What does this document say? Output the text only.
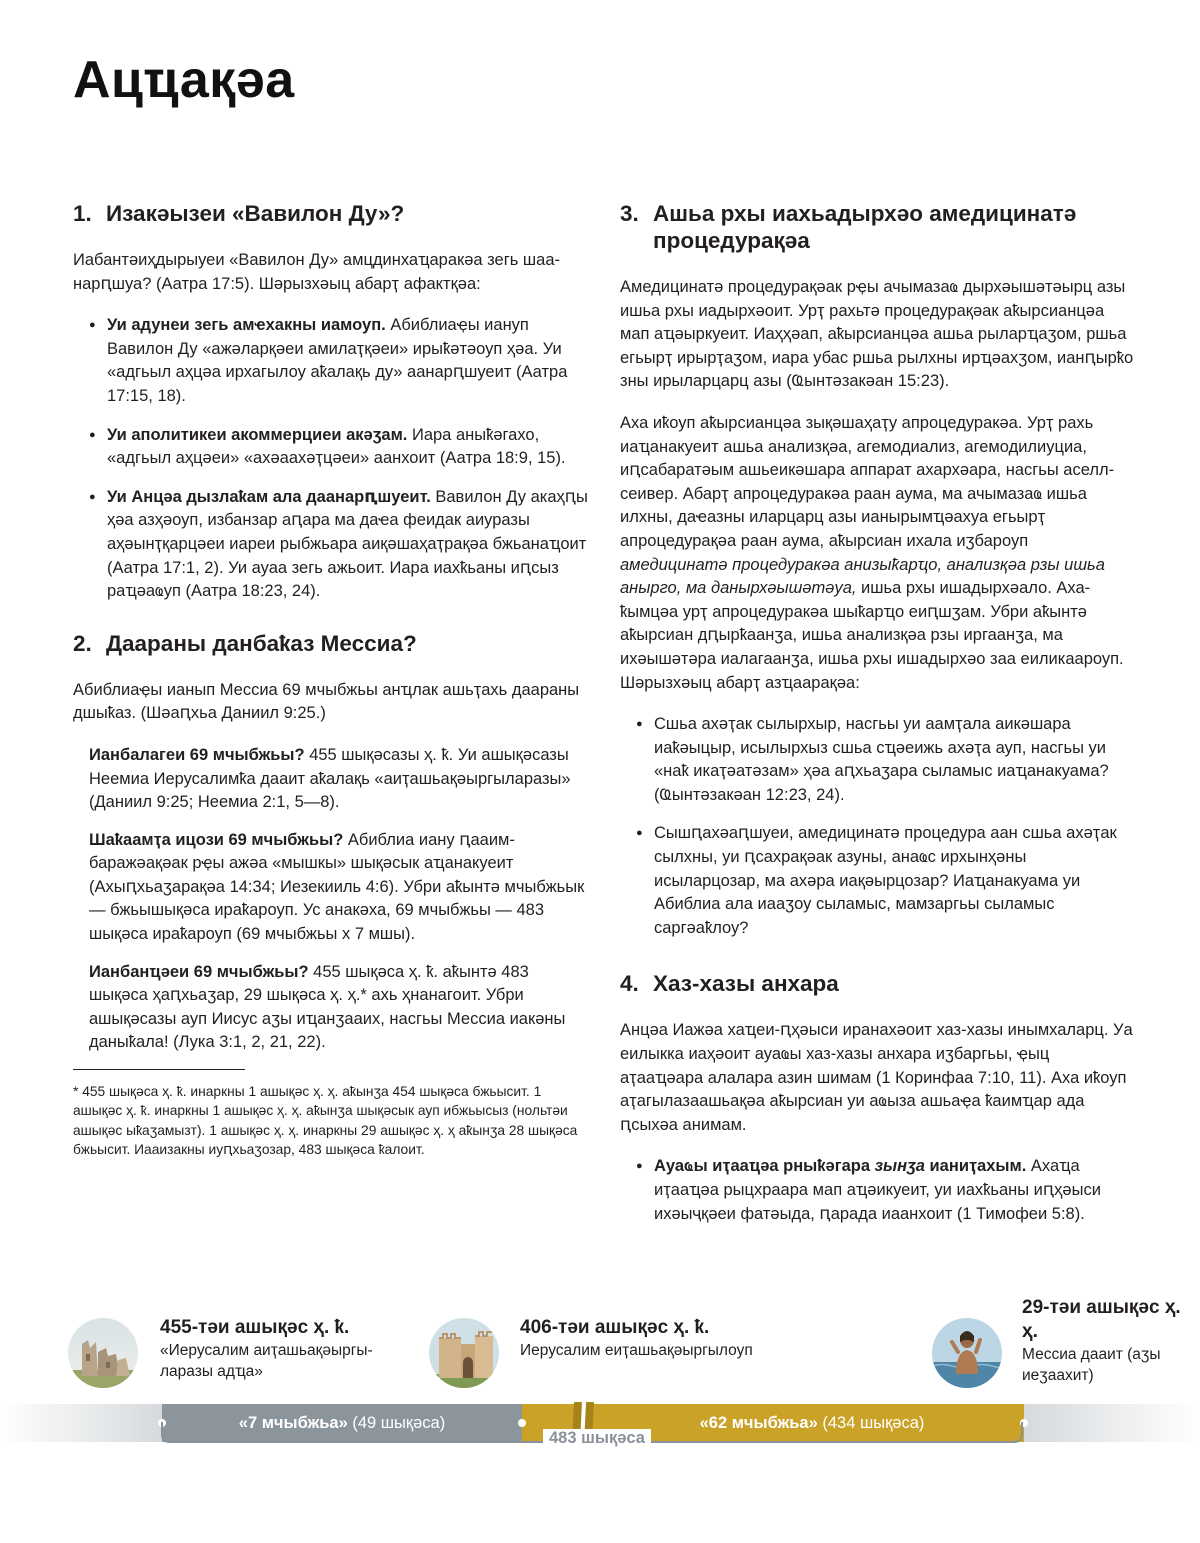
Ацҵақәа
1. Изакәызеи «Вавилон Ду»?

Иабантәиҳдырыуеи «Вавилон Ду» амцдинхаҵаракәа зегь шаанарԥшуа? (Аатра 17:5). Шәрызхәыц абарҭ афактқәа:

● Уи адунеи зегь амҽхакны иамоуп. Абиблиаҿы иануп Вавилон Ду «ажәларқәеи амилаҭқәеи» ирыҟәтәоуп ҳәа. Уи «адгьыл аҳцәа ирхагылоу аҟалақь ду» аанарԥшуеит (Аатра 17:15, 18).
● Уи аполитикеи акоммерциеи акәӡам. Иара аныҟәгахо, «адгьыл аҳцәеи» «ахәаахәҭцәеи» аанхоит (Аатра 18:9, 15).
● Уи Анцәа дызлаҟам ала даанарԥшуеит. Вавилон Ду акаҳԥы ҳәа азҳәоуп, избанзар аԥара ма даҽа феидак аиуразы аҳәынҭқарцәеи иареи рыбжьара аиқәшаҳаҭрақәа бжьанаҵоит (Аатра 17:1, 2). Уи ауаа зегь ажьоит. Иара иахҟьаны иԥсыз раҵәаҩуп (Аатра 18:23, 24).
2. Даараны данбаҟаз Мессиа?

Абиблиаҿы ианып Мессиа 69 мчыбжьы анҵлак ашьҭахь даараны дшыҟаз. (Шәаԥхьа Даниил 9:25.)

Ианбалагеи 69 мчыбжьы? 455 шықәсазы ҳ. ҟ. Уи ашықәсазы Неемиа Иерусалимҟа дааит аҟалақь «аиҭашьақәыргыларазы» (Даниил 9:25; Неемиа 2:1, 5—8).
Шаҟаамҭа ицози 69 мчыбжьы? Абиблиа иану ԥааимбаражәақәак рҿы ажәа «мышкы» шықәсык аҵанакуеит (Ахыԥхьаӡарақәа 14:34; Иезекииль 4:6). Убри аҟынтә мчыбжьык — бжьышықәса ираҟароуп. Ус анакәха, 69 мчыбжьы — 483 шықәса ираҟароуп (69 мчыбжьы х 7 мшы).
Ианбанҵәеи 69 мчыбжьы? 455 шықәса ҳ. ҟ. аҟынтә 483 шықәса ҳаԥхьаӡар, 29 шықәса ҳ. ҳ.* ахь ҳнанагоит. Убри ашықәсазы ауп Иисус аӡы иҵанӡааих, насгьы Мессиа иакәны даныҟала! (Лука 3:1, 2, 21, 22).

* 455 шықәса ҳ. ҟ. инаркны 1 ашықәс ҳ. ҳ. аҟынӡа 454 шықәса бжьысит. 1 ашықәс ҳ. ҟ. инаркны 1 ашықәс ҳ. ҳ. аҟынӡа шықәсык ауп ибжьысыз (нольтәи ашықәс ыҟаӡамызт). 1 ашықәс ҳ. ҳ. инаркны 29 ашықәс ҳ. ҳ аҟынӡа 28 шықәса бжьысит. Иааизакны иуԥхьаӡозар, 483 шықәса ҟалоит.

3. Ашьа рхы иахьадырхәо амедицинатә процедурақәа

Амедицинатә процедурақәак рҿы ачымазаҩ дырхәышәтәырц азы ишьа рхы иадырхәоит. Урҭ рахьтә процедурақәак аҟырсианцәа мап аҵәыркуеит. Иаҳҳәап, аҟырсианцәа ашьа рыларҵаӡом, ршьа егьырҭ ирырҭаӡом, иара убас ршьа рылхны ирҵәахӡом, ианԥырҟо зны ирыларцарц азы (Ҩынтәзакәан 15:23).

Аха иҟоуп аҟырсианцәа зықәшаҳаҭу апроцедуракәа. Урҭ рахь иаҵанакуеит ашьа анализқәа, агемодиализ, агемодилиуциа, иԥсабаратәым ашьеикәшара аппарат ахархәара, насгьы аселл-сеивер. Абарҭ апроцедуракәа раан аума, ма ачымазаҩ ишьа илхны, даҽазны иларцарц азы ианырымҵәахуа егьырҭ апроцедурақәа раан аума, аҟырсиан ихала иӡбароуп амедицинатә процедуракәа анизыҟарҵо, анализқәа рзы ишьа анырго, ма данырхәышәтәуа, ишьа рхы ишадырхәало. Ахаҟымцәа урҭ апроцедуракәа шыҟарҵо еиԥшӡам. Убри аҟынтә аҟырсиан дԥырҟаанӡа, ишьа анализқәа рзы иргаанӡа, ма ихәышәтәра иалагаанӡа, ишьа рхы ишадырхәо заа еиликаароуп. Шәрызхәыц абарҭ азҵаарақәа:

● Сшьа ахәҭак сылырхыр, насгьы уи аамҭала аикәшара иаҟәыцыр, исылырхыз сшьа сҵәеижь ахәҭа ауп, насгьы уи «наҟ икаҭәатәзам» ҳәа аԥхьаӡара сыламыс иаҵанакуама? (Ҩынтәзакәан 12:23, 24).
● Сышԥахәаԥшуеи, амедицинатә процедура аан сшьа ахәҭак сылхны, уи ԥсахрақәак азуны, анаҩс ирхынҳәны исыларцозар, ма ахәра иақәырцозар? Иаҵанакуама уи Абиблиа ала иааӡоу сыламыс, мамзаргьы сыламыс саргәаҟлоу?
4. Хаз-хазы анхара

Анцәа Иажәа хаҵеи-ԥҳәыси иранахәоит хаз-хазы инымхаларц. Уа еилыкка иаҳәоит ауаҩы хаз-хазы анхара иӡбаргьы, ҿыц аҭааҵәара алалара азин шимам (1 Коринфаа 7:10, 11). Аха иҟоуп аҭагылазаашьақәа аҟырсиан уи аҩыза ашьаҿа ҟаимҵар ада ԥсыхәа анимам.

● Ауаҩы иҭааҵәа рныҟәгара зынӡа ианиҭахым. Ахаҵа иҭааҵәа рыцхраара мап аҵәикуеит, уи иахҟьаны иԥҳәыси ихәыҷқәеи фатәыда, ԥарада иаанхоит (1 Тимофеи 5:8).
455-тәи ашықәс ҳ. ҟ.
«Иерусалим аиҭашьақәыргыларазы адҵа»
406-тәи ашықәс ҳ. ҟ.
Иерусалим еиҭашьақәыргылоуп
29-тәи ашықәс ҳ. ҳ.
Мессиа дааит (аӡы иеӡаахит)
«7 мчыбжьа» (49 шықәса)	«62 мчыбжьа» (434 шықәса)
483 шықәса
